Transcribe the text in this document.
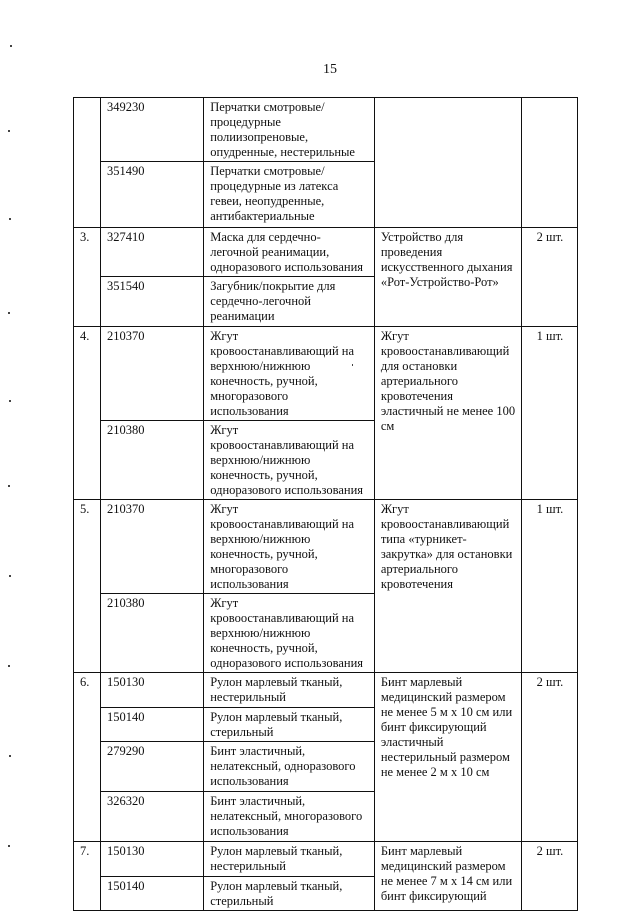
15
	349230	Перчатки смотровые/ процедурные полиизопреновые, опудренные, нестерильные		
	351490	Перчатки смотровые/ процедурные из латекса гевеи, неопудренные, антибактериальные		
3.	327410	Маска для сердечно-легочной реанимации, одноразового использования	Устройство для проведения искусственного дыхания «Рот-Устройство-Рот»	2 шт.
	351540	Загубник/покрытие для сердечно-легочной реанимации		
4.	210370	Жгут кровоостанавливающий на верхнюю/нижнюю конечность, ручной, многоразового использования	Жгут кровоостанавливающий для остановки артериального кровотечения эластичный не менее 100 см	1 шт.
	210380	Жгут кровоостанавливающий на верхнюю/нижнюю конечность, ручной, одноразового использования		
5.	210370	Жгут кровоостанавливающий на верхнюю/нижнюю конечность, ручной, многоразового использования	Жгут кровоостанавливающий типа «турникет-закрутка» для остановки артериального кровотечения	1 шт.
	210380	Жгут кровоостанавливающий на верхнюю/нижнюю конечность, ручной, одноразового использования		
6.	150130	Рулон марлевый тканый, нестерильный	Бинт марлевый медицинский размером не менее 5 м х 10 см или бинт фиксирующий эластичный нестерильный размером не менее 2 м х 10 см	2 шт.
	150140	Рулон марлевый тканый, стерильный		
	279290	Бинт эластичный, нелатексный, одноразового использования		
	326320	Бинт эластичный, нелатексный, многоразового использования		
7.	150130	Рулон марлевый тканый, нестерильный	Бинт марлевый медицинский размером не менее 7 м х 14 см или бинт фиксирующий	2 шт.
	150140	Рулон марлевый тканый, стерильный		
